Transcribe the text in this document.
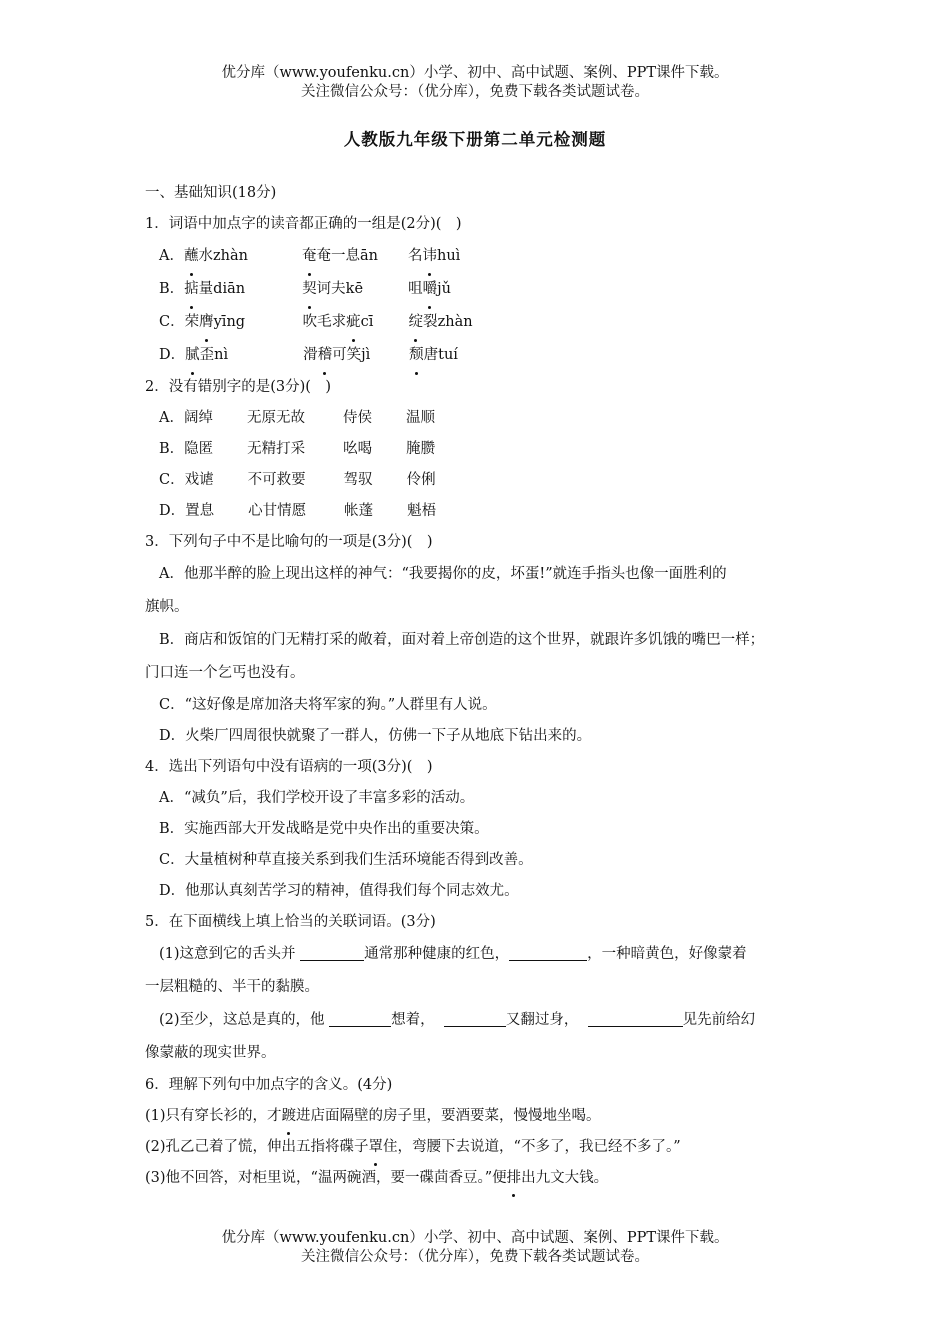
优分库（www.youfenku.cn）小学、初中、高中试题、案例、PPT课件下载。
关注微信公众号：（优分库），免费下载各类试题试卷。
人教版九年级下册第二单元检测题
一、基础知识(18分)
1．词语中加点字的读音都正确的一组是(2分)(　)
A．蘸水zhàn	奄奄一息ān 名讳huì
B．掂量diān	契诃夫kē	咀嚼jǔ
C．荣膺yīng	吹毛求疵cī 绽裂zhàn
D．腻歪nì	滑稽可笑jì	颓唐tuí
2．没有错别字的是(3分)(　)
A．阔绰 无原无故	侍侯 温顺
B．隐匿 无精打采	吆喝 腌臜
C．戏谑 不可救要	驾驭 伶俐
D．置息 心甘情愿	帐蓬 魁梧
3．下列句子中不是比喻句的一项是(3分)(　)
A．他那半醉的脸上现出这样的神气：“我要揭你的皮，坏蛋!”就连手指头也像一面胜利的
旗帜。
B．商店和饭馆的门无精打采的敞着，面对着上帝创造的这个世界，就跟许多饥饿的嘴巴一样；
门口连一个乞丐也没有。
C．“这好像是席加洛夫将军家的狗。”人群里有人说。
D．火柴厂四周很快就聚了一群人，仿佛一下子从地底下钻出来的。
4．选出下列语句中没有语病的一项(3分)(　)
A．“减负”后，我们学校开设了丰富多彩的活动。
B．实施西部大开发战略是党中央作出的重要决策。
C．大量植树种草直接关系到我们生活环境能否得到改善。
D．他那认真刻苦学习的精神，值得我们每个同志效尤。
5．在下面横线上填上恰当的关联词语。(3分)
(1)这意到它的舌头并	通常那种健康的红色，	，一种暗黄色，好像蒙着
一层粗糙的、半干的黏膜。
(2)至少，这总是真的，他	想着，	又翻过身，	见先前给幻
像蒙蔽的现实世界。
6．理解下列句中加点字的含义。(4分)
(1)只有穿长衫的，才踱进店面隔壁的房子里，要酒要菜，慢慢地坐喝。
(2)孔乙己着了慌，伸出五指将碟子罩住，弯腰下去说道，“不多了，我已经不多了。”
(3)他不回答，对柜里说，“温两碗酒，要一碟茴香豆。”便排出九文大钱。
优分库（www.youfenku.cn）小学、初中、高中试题、案例、PPT课件下载。
关注微信公众号：（优分库），免费下载各类试题试卷。
